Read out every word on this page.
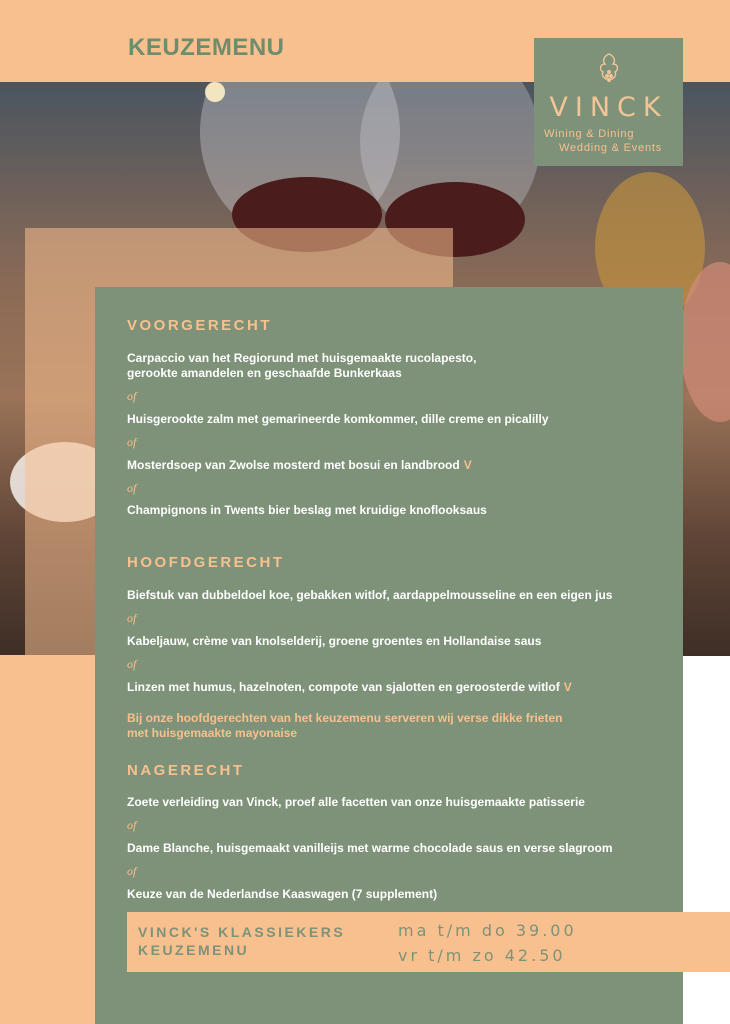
KEUZEMENU
VINCK
Wining & Dining
Wedding & Events
VOORGERECHT

Carpaccio van het Regiorund met huisgemaakte rucolapesto,

gerookte amandelen en geschaafde Bunkerkaas

of

Huisgerookte zalm met gemarineerde komkommer, dille creme en picalilly

of

Mosterdsoep van Zwolse mosterd met bosui en landbrood V

of

Champignons in Twents bier beslag met kruidige knoflooksaus

HOOFDGERECHT

Biefstuk van dubbeldoel koe, gebakken witlof, aardappelmousseline en een eigen jus

of

Kabeljauw, crème van knolselderij, groene groentes en Hollandaise saus

of

Linzen met humus, hazelnoten, compote van sjalotten en geroosterde witlof V

Bij onze hoofdgerechten van het keuzemenu serveren wij verse dikke frieten
met huisgemaakte mayonaise
NAGERECHT

Zoete verleiding van Vinck, proef alle facetten van onze huisgemaakte patisserie

of

Dame Blanche, huisgemaakt vanilleijs met warme chocolade saus en verse slagroom

of

Keuze van de Nederlandse Kaaswagen (7 supplement)

VINCK'S KLASSIEKERS

KEUZEMENU

ma t/m do 39.00

vr t/m zo 42.50
